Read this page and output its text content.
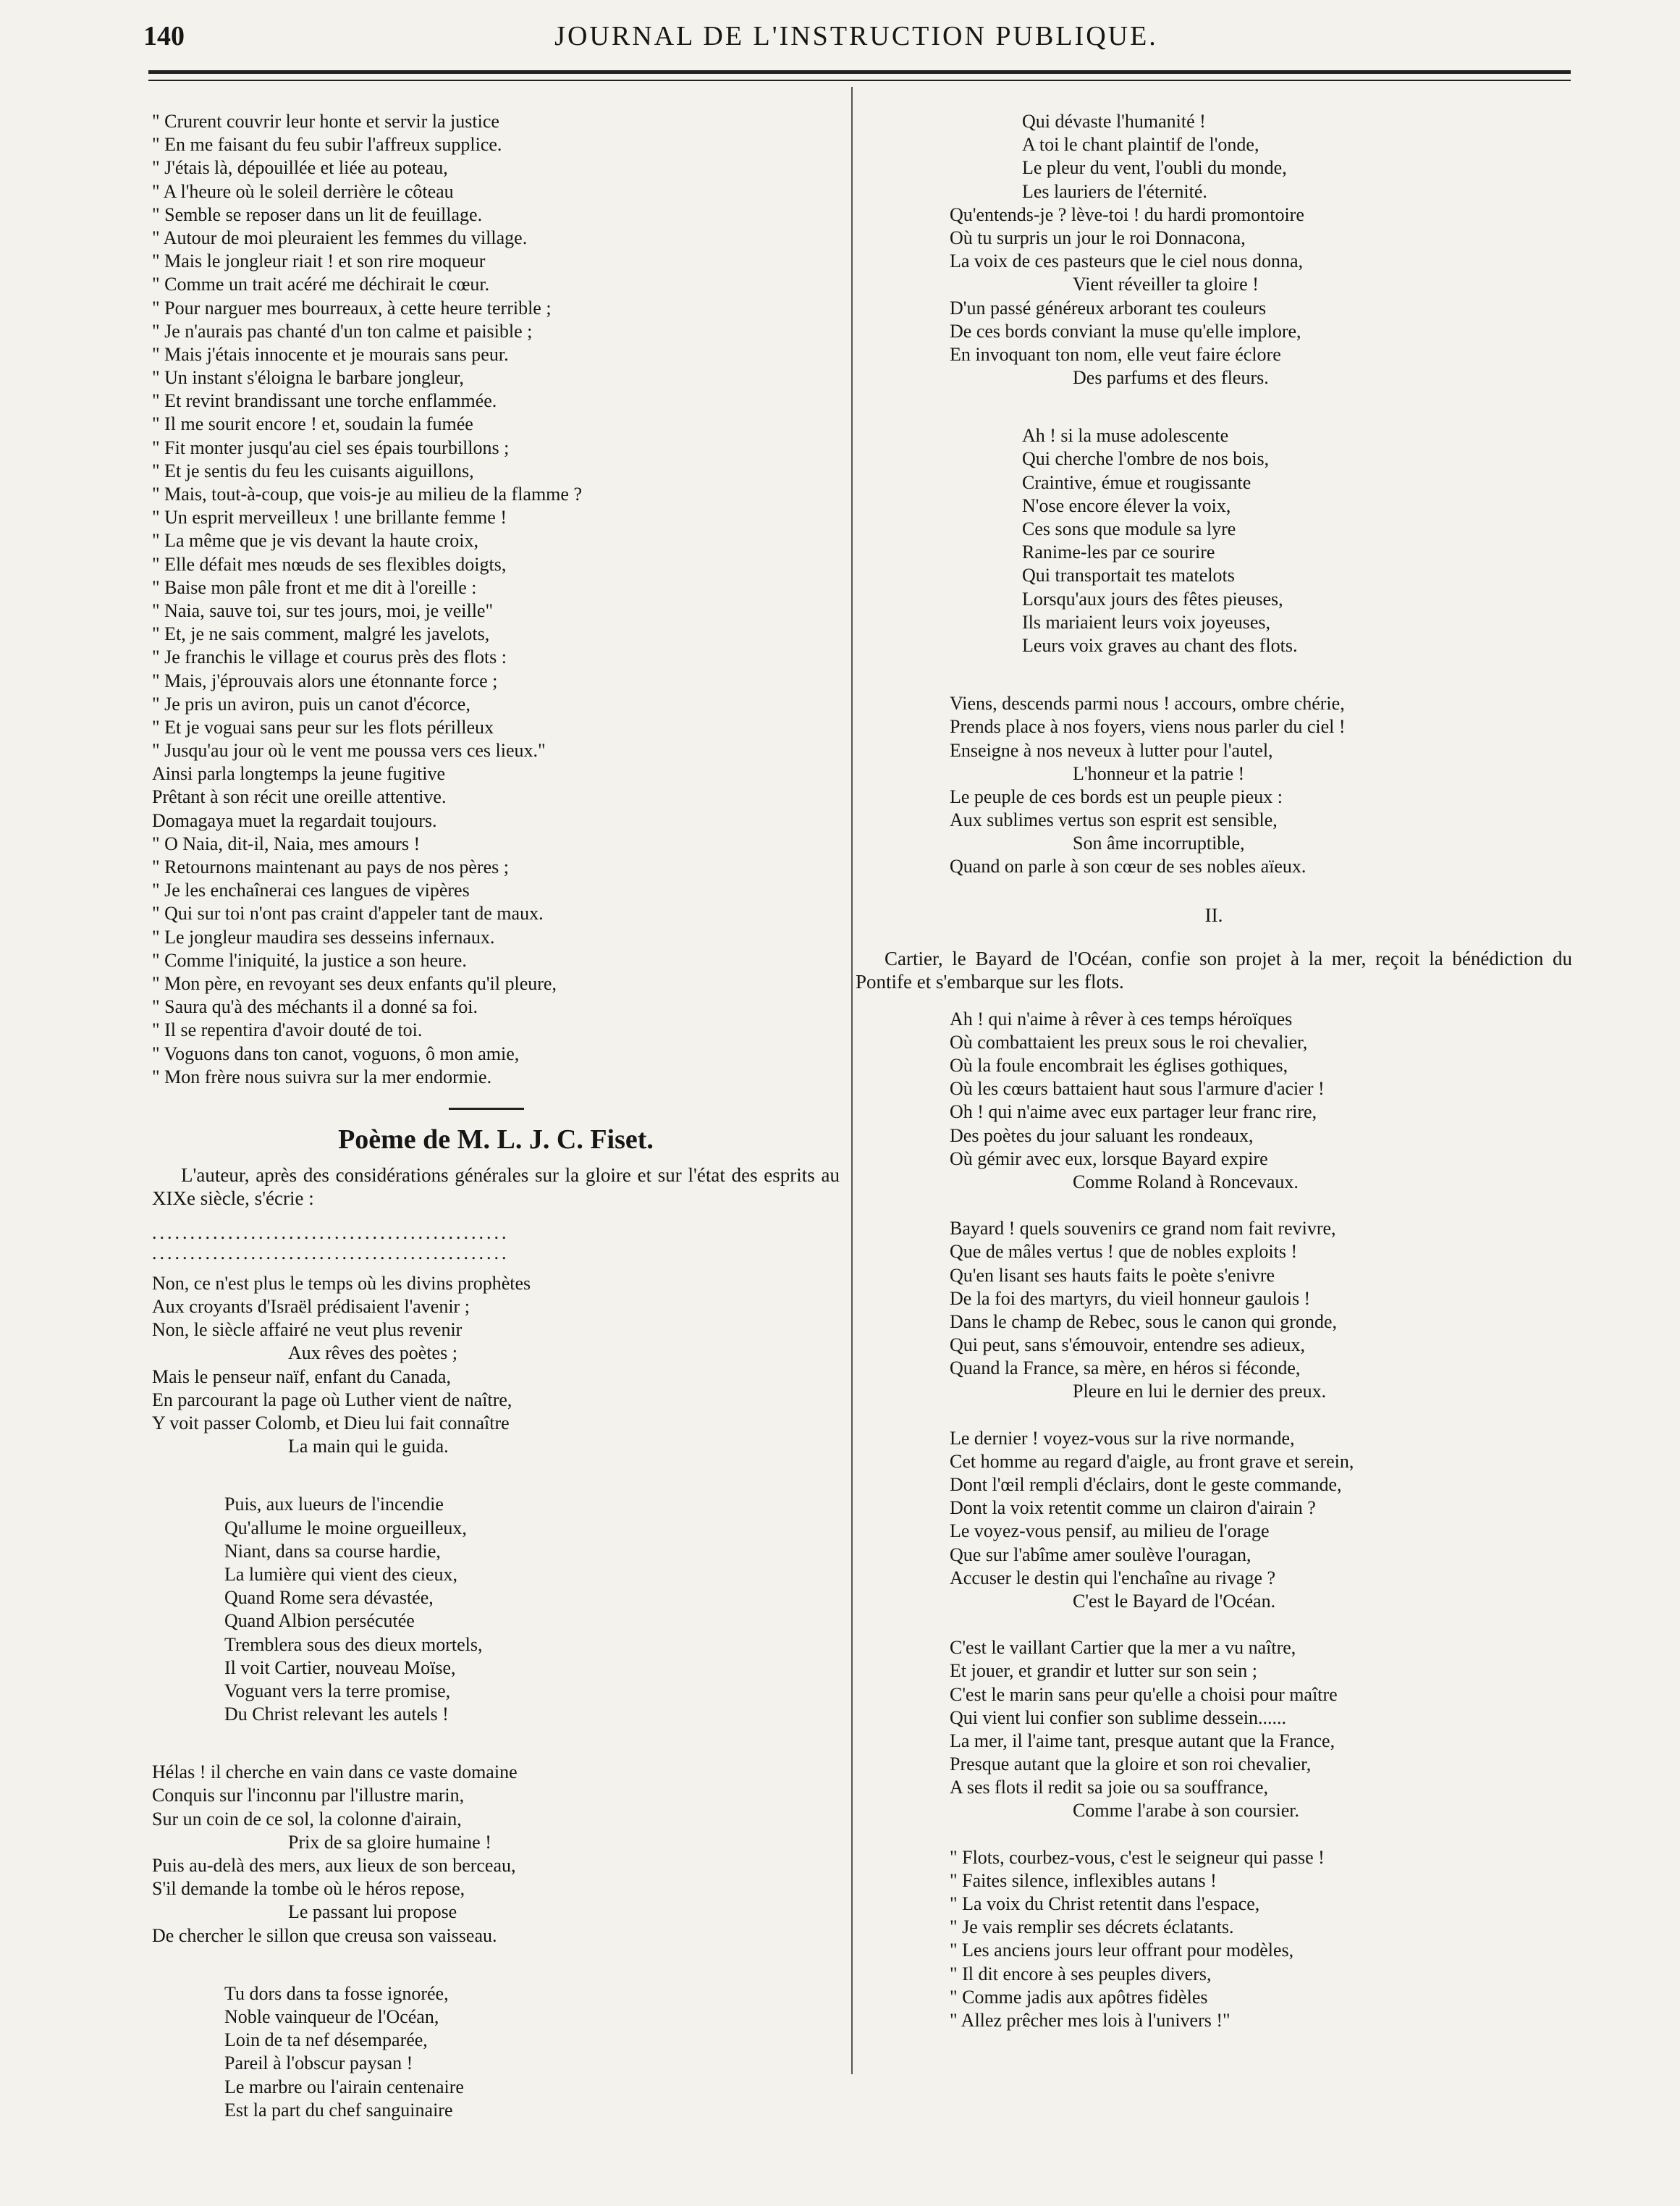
JOURNAL DE L'INSTRUCTION PUBLIQUE.
140
" Crurent couvrir leur honte et servir la justice
" En me faisant du feu subir l'affreux supplice.
" J'étais là, dépouillée et liée au poteau,
" A l'heure où le soleil derrière le côteau
" Semble se reposer dans un lit de feuillage.
" Autour de moi pleuraient les femmes du village.
" Mais le jongleur riait ! et son rire moqueur
" Comme un trait acéré me déchirait le cœur.
" Pour narguer mes bourreaux, à cette heure terrible ;
" Je n'aurais pas chanté d'un ton calme et paisible ;
" Mais j'étais innocente et je mourais sans peur.
" Un instant s'éloigna le barbare jongleur,
" Et revint brandissant une torche enflammée.
" Il me sourit encore ! et, soudain la fumée
" Fit monter jusqu'au ciel ses épais tourbillons ;
" Et je sentis du feu les cuisants aiguillons,
" Mais, tout-à-coup, que vois-je au milieu de la flamme ?
" Un esprit merveilleux ! une brillante femme !
" La même que je vis devant la haute croix,
" Elle défait mes nœuds de ses flexibles doigts,
" Baise mon pâle front et me dit à l'oreille :
" Naia, sauve toi, sur tes jours, moi, je veille"
" Et, je ne sais comment, malgré les javelots,
" Je franchis le village et courus près des flots :
" Mais, j'éprouvais alors une étonnante force ;
" Je pris un aviron, puis un canot d'écorce,
" Et je voguai sans peur sur les flots périlleux
" Jusqu'au jour où le vent me poussa vers ces lieux."
Ainsi parla longtemps la jeune fugitive
Prêtant à son récit une oreille attentive.
Domagaya muet la regardait toujours.
" O Naia, dit-il, Naia, mes amours !
" Retournons maintenant au pays de nos pères ;
" Je les enchaînerai ces langues de vipères
" Qui sur toi n'ont pas craint d'appeler tant de maux.
" Le jongleur maudira ses desseins infernaux.
" Comme l'iniquité, la justice a son heure.
" Mon père, en revoyant ses deux enfants qu'il pleure,
" Saura qu'à des méchants il a donné sa foi.
" Il se repentira d'avoir douté de toi.
" Voguons dans ton canot, voguons, ô mon amie,
" Mon frère nous suivra sur la mer endormie.
Poème de M. L. J. C. Fiset.
L'auteur, après des considérations générales sur la gloire et sur l'état des esprits au XIXe siècle, s'écrie :
...............................................
...............................................
Non, ce n'est plus le temps où les divins prophètes
Aux croyants d'Israël prédisaient l'avenir ;
Non, le siècle affairé ne veut plus revenir
Aux rêves des poètes ;
Mais le penseur naïf, enfant du Canada,
En parcourant la page où Luther vient de naître,
Y voit passer Colomb, et Dieu lui fait connaître
La main qui le guida.
Puis, aux lueurs de l'incendie
Qu'allume le moine orgueilleux,
Niant, dans sa course hardie,
La lumière qui vient des cieux,
Quand Rome sera dévastée,
Quand Albion persécutée
Tremblera sous des dieux mortels,
Il voit Cartier, nouveau Moïse,
Voguant vers la terre promise,
Du Christ relevant les autels !
Hélas ! il cherche en vain dans ce vaste domaine
Conquis sur l'inconnu par l'illustre marin,
Sur un coin de ce sol, la colonne d'airain,
Prix de sa gloire humaine !
Puis au-delà des mers, aux lieux de son berceau,
S'il demande la tombe où le héros repose,
Le passant lui propose
De chercher le sillon que creusa son vaisseau.
Tu dors dans ta fosse ignorée,
Noble vainqueur de l'Océan,
Loin de ta nef désemparée,
Pareil à l'obscur paysan !
Le marbre ou l'airain centenaire
Est la part du chef sanguinaire
Qui dévaste l'humanité !
A toi le chant plaintif de l'onde,
Le pleur du vent, l'oubli du monde,
Les lauriers de l'éternité.
Qu'entends-je ? lève-toi ! du hardi promontoire
Où tu surpris un jour le roi Donnacona,
La voix de ces pasteurs que le ciel nous donna,
Vient réveiller ta gloire !
D'un passé généreux arborant tes couleurs
De ces bords conviant la muse qu'elle implore,
En invoquant ton nom, elle veut faire éclore
Des parfums et des fleurs.
Ah ! si la muse adolescente
Qui cherche l'ombre de nos bois,
Craintive, émue et rougissante
N'ose encore élever la voix,
Ces sons que module sa lyre
Ranime-les par ce sourire
Qui transportait tes matelots
Lorsqu'aux jours des fêtes pieuses,
Ils mariaient leurs voix joyeuses,
Leurs voix graves au chant des flots.
Viens, descends parmi nous ! accours, ombre chérie,
Prends place à nos foyers, viens nous parler du ciel !
Enseigne à nos neveux à lutter pour l'autel,
L'honneur et la patrie !
Le peuple de ces bords est un peuple pieux :
Aux sublimes vertus son esprit est sensible,
Son âme incorruptible,
Quand on parle à son cœur de ses nobles aïeux.
II.
Cartier, le Bayard de l'Océan, confie son projet à la mer, reçoit la bénédiction du Pontife et s'embarque sur les flots.
Ah ! qui n'aime à rêver à ces temps héroïques
Où combattaient les preux sous le roi chevalier,
Où la foule encombrait les églises gothiques,
Où les cœurs battaient haut sous l'armure d'acier !
Oh ! qui n'aime avec eux partager leur franc rire,
Des poètes du jour saluant les rondeaux,
Où gémir avec eux, lorsque Bayard expire
Comme Roland à Roncevaux.
Bayard ! quels souvenirs ce grand nom fait revivre,
Que de mâles vertus ! que de nobles exploits !
Qu'en lisant ses hauts faits le poète s'enivre
De la foi des martyrs, du vieil honneur gaulois !
Dans le champ de Rebec, sous le canon qui gronde,
Qui peut, sans s'émouvoir, entendre ses adieux,
Quand la France, sa mère, en héros si féconde,
Pleure en lui le dernier des preux.
Le dernier ! voyez-vous sur la rive normande,
Cet homme au regard d'aigle, au front grave et serein,
Dont l'œil rempli d'éclairs, dont le geste commande,
Dont la voix retentit comme un clairon d'airain ?
Le voyez-vous pensif, au milieu de l'orage
Que sur l'abîme amer soulève l'ouragan,
Accuser le destin qui l'enchaîne au rivage ?
C'est le Bayard de l'Océan.
C'est le vaillant Cartier que la mer a vu naître,
Et jouer, et grandir et lutter sur son sein ;
C'est le marin sans peur qu'elle a choisi pour maître
Qui vient lui confier son sublime dessein......
La mer, il l'aime tant, presque autant que la France,
Presque autant que la gloire et son roi chevalier,
A ses flots il redit sa joie ou sa souffrance,
Comme l'arabe à son coursier.
" Flots, courbez-vous, c'est le seigneur qui passe !
" Faites silence, inflexibles autans !
" La voix du Christ retentit dans l'espace,
" Je vais remplir ses décrets éclatants.
" Les anciens jours leur offrant pour modèles,
" Il dit encore à ses peuples divers,
" Comme jadis aux apôtres fidèles
" Allez prêcher mes lois à l'univers !"
